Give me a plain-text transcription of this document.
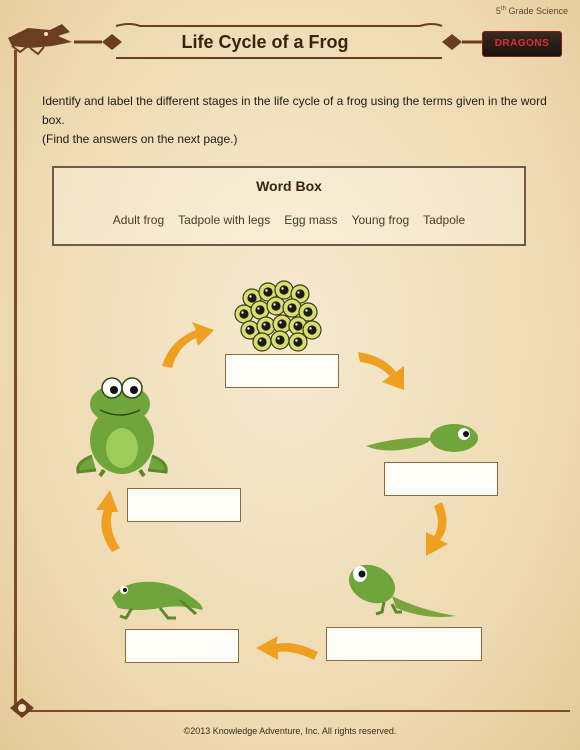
5th Grade Science
Life Cycle of a Frog	DRAGONS
Identify and label the different stages in the life cycle of a frog using the terms given in the word box.
(Find the answers on the next page.)
Word Box
Adult frog Tadpole with legs Egg mass Young frog Tadpole
©2013 Knowledge Adventure, Inc. All rights reserved.
